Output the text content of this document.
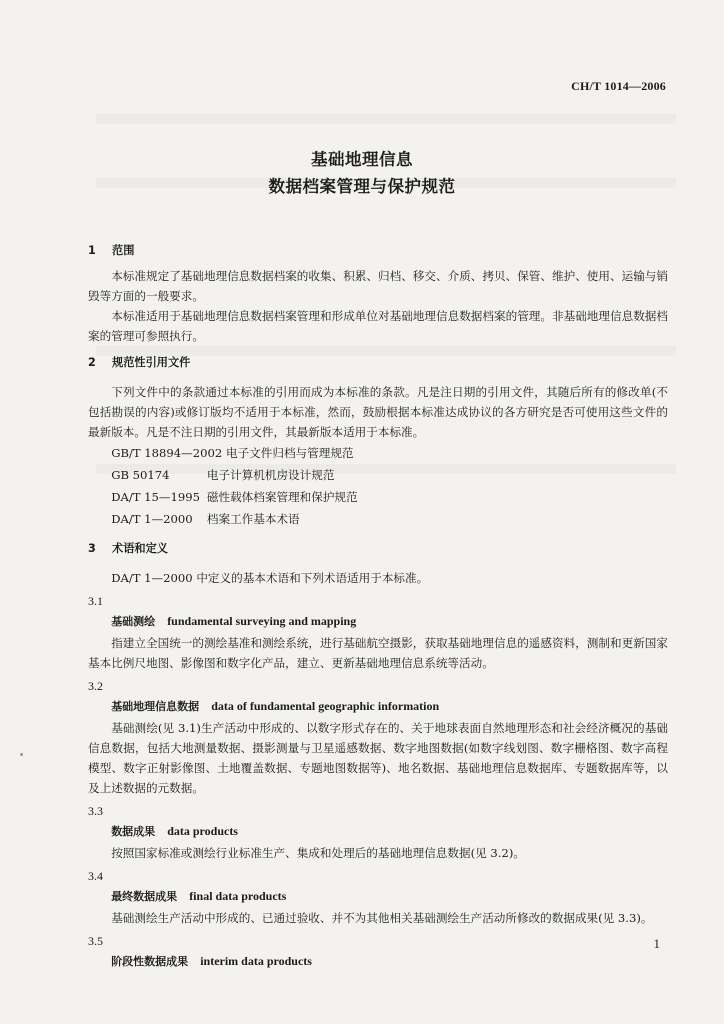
CH/T 1014—2006
基础地理信息
数据档案管理与保护规范
1 范围

本标准规定了基础地理信息数据档案的收集、积累、归档、移交、介质、拷贝、保管、维护、使用、运输与销毁等方面的一般要求。

本标准适用于基础地理信息数据档案管理和形成单位对基础地理信息数据档案的管理。非基础地理信息数据档案的管理可参照执行。

2 规范性引用文件

下列文件中的条款通过本标准的引用而成为本标准的条款。凡是注日期的引用文件，其随后所有的修改单(不包括勘误的内容)或修订版均不适用于本标准，然而，鼓励根据本标准达成协议的各方研究是否可使用这些文件的最新版本。凡是不注日期的引用文件，其最新版本适用于本标准。

GB/T 18894—2002 电子文件归档与管理规范
GB 50174	电子计算机机房设计规范
DA/T 15—1995 磁性载体档案管理和保护规范
DA/T 1—2000 档案工作基本术语
3 术语和定义

DA/T 1—2000 中定义的基本术语和下列术语适用于本标准。

3.1
基础测绘 fundamental surveying and mapping

指建立全国统一的测绘基准和测绘系统，进行基础航空摄影，获取基础地理信息的遥感资料，测制和更新国家基本比例尺地图、影像图和数字化产品，建立、更新基础地理信息系统等活动。

3.2
基础地理信息数据 data of fundamental geographic information

基础测绘(见 3.1)生产活动中形成的、以数字形式存在的、关于地球表面自然地理形态和社会经济概况的基础信息数据，包括大地测量数据、摄影测量与卫星遥感数据、数字地图数据(如数字线划图、数字栅格图、数字高程模型、数字正射影像图、土地覆盖数据、专题地图数据等)、地名数据、基础地理信息数据库、专题数据库等，以及上述数据的元数据。

3.3
数据成果 data products

按照国家标准或测绘行业标准生产、集成和处理后的基础地理信息数据(见 3.2)。

3.4
最终数据成果 final data products

基础测绘生产活动中形成的、已通过验收、并不为其他相关基础测绘生产活动所修改的数据成果(见 3.3)。

3.5
阶段性数据成果 interim data products
1
